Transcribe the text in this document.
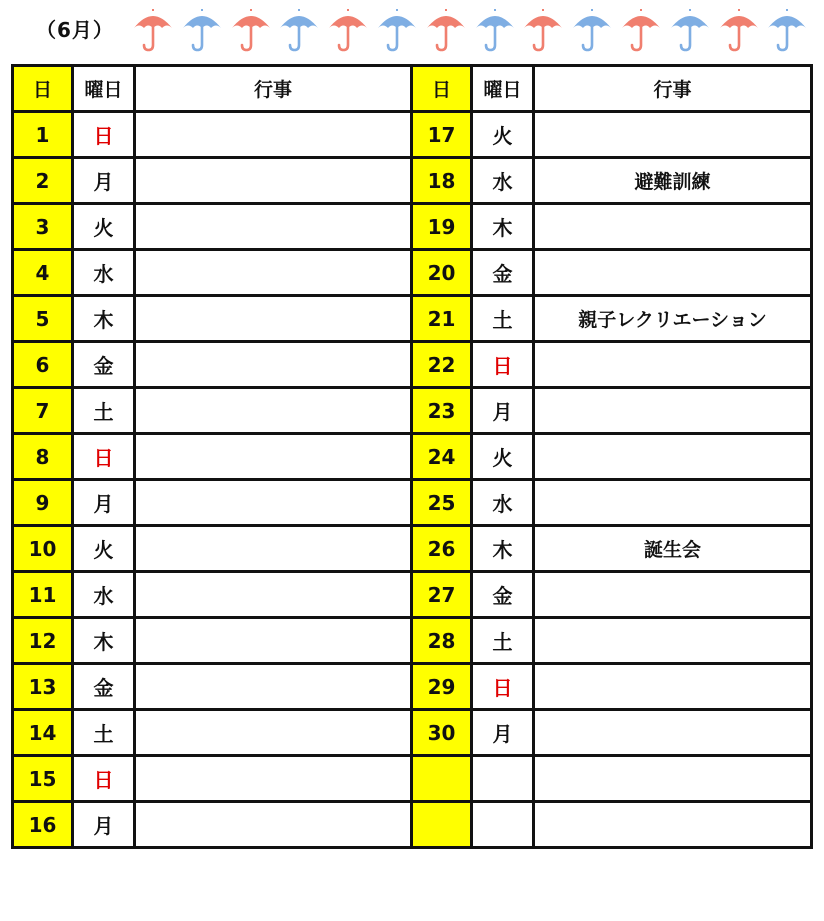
（6月）
日	曜日	行事	日	曜日	行事
1	日		17	火	
2	月		18	水	避難訓練
3	火		19	木	
4	水		20	金	
5	木		21	土	親子レクリエーション
6	金		22	日	
7	土		23	月	
8	日		24	火	
9	月		25	水	
10	火		26	木	誕生会
11	水		27	金	
12	木		28	土	
13	金		29	日	
14	土		30	月	
15	日				
16	月				
